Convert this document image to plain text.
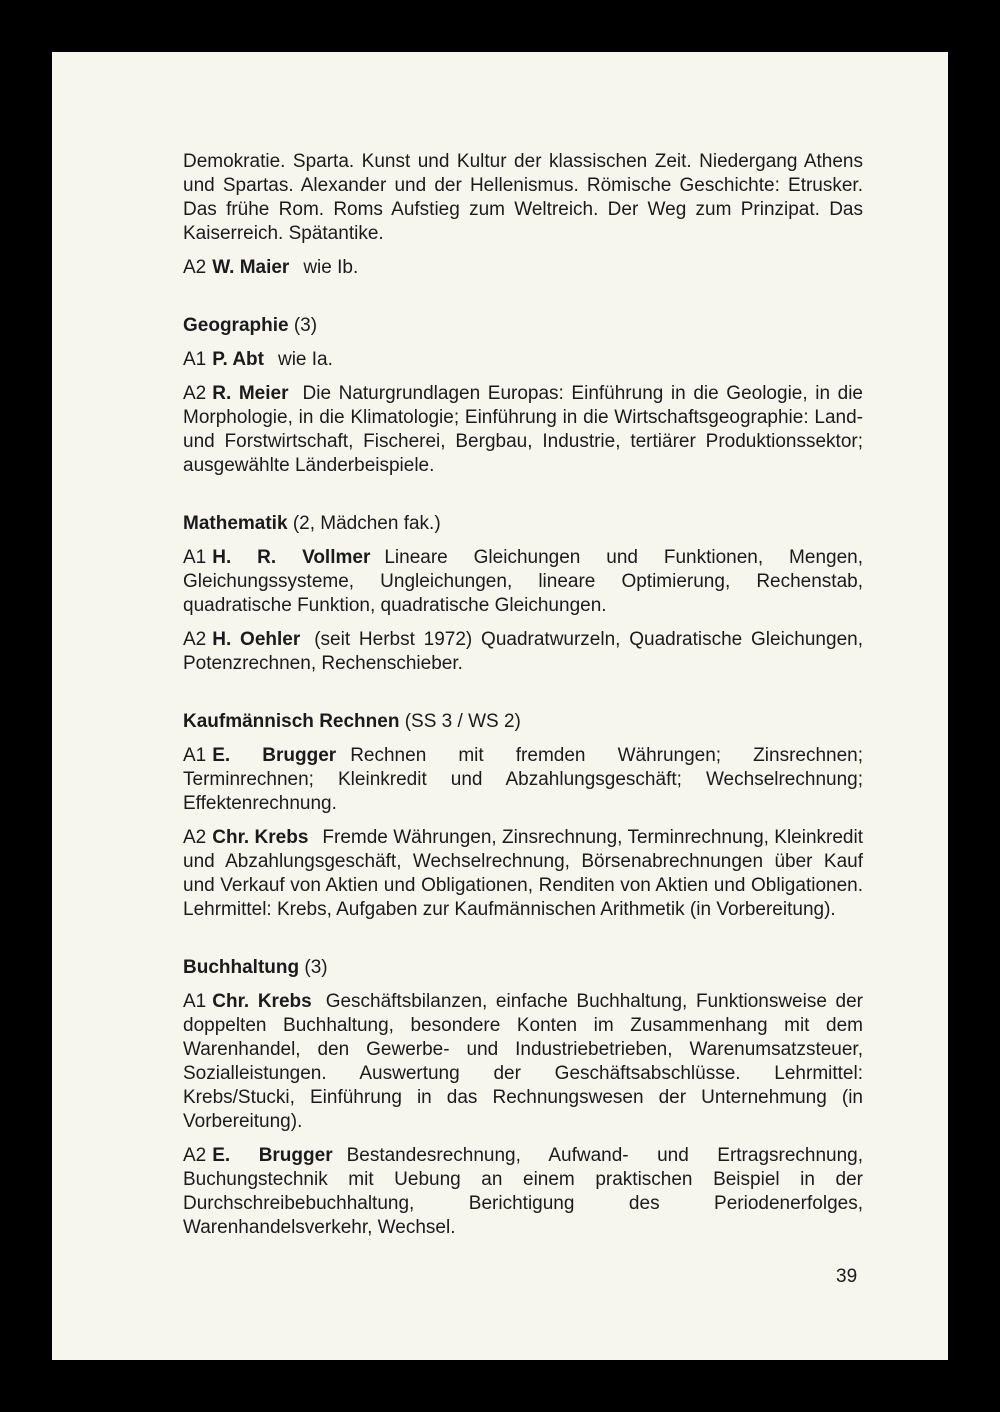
Demokratie. Sparta. Kunst und Kultur der klassischen Zeit. Niedergang Athens und Spartas. Alexander und der Hellenismus. Römische Geschichte: Etrusker. Das frühe Rom. Roms Aufstieg zum Weltreich. Der Weg zum Prinzipat. Das Kaiserreich. Spätantike.

A2 W. Maier wie Ib.

Geographie (3)

A1 P. Abt wie Ia.

A2 R. Meier Die Naturgrundlagen Europas: Einführung in die Geologie, in die Morphologie, in die Klimatologie; Einführung in die Wirtschaftsgeographie: Land- und Forstwirtschaft, Fischerei, Bergbau, Industrie, tertiärer Produktionssektor; ausgewählte Länderbeispiele.

Mathematik (2, Mädchen fak.)

A1 H. R. Vollmer Lineare Gleichungen und Funktionen, Mengen, Gleichungssysteme, Ungleichungen, lineare Optimierung, Rechenstab, quadratische Funktion, quadratische Gleichungen.

A2 H. Oehler (seit Herbst 1972) Quadratwurzeln, Quadratische Gleichungen, Potenzrechnen, Rechenschieber.

Kaufmännisch Rechnen (SS 3 / WS 2)

A1 E. Brugger Rechnen mit fremden Währungen; Zinsrechnen; Terminrechnen; Kleinkredit und Abzahlungsgeschäft; Wechselrechnung; Effektenrechnung.

A2 Chr. Krebs Fremde Währungen, Zinsrechnung, Terminrechnung, Kleinkredit und Abzahlungsgeschäft, Wechselrechnung, Börsenabrechnungen über Kauf und Verkauf von Aktien und Obligationen, Renditen von Aktien und Obligationen. Lehrmittel: Krebs, Aufgaben zur Kaufmännischen Arithmetik (in Vorbereitung).

Buchhaltung (3)

A1 Chr. Krebs Geschäftsbilanzen, einfache Buchhaltung, Funktionsweise der doppelten Buchhaltung, besondere Konten im Zusammenhang mit dem Warenhandel, den Gewerbe- und Industriebetrieben, Warenumsatzsteuer, Sozialleistungen. Auswertung der Geschäftsabschlüsse. Lehrmittel: Krebs/Stucki, Einführung in das Rechnungswesen der Unternehmung (in Vorbereitung).

A2 E. Brugger Bestandesrechnung, Aufwand- und Ertragsrechnung, Buchungstechnik mit Uebung an einem praktischen Beispiel in der Durchschreibebuchhaltung, Berichtigung des Periodenerfolges, Warenhandelsverkehr, Wechsel.

39
